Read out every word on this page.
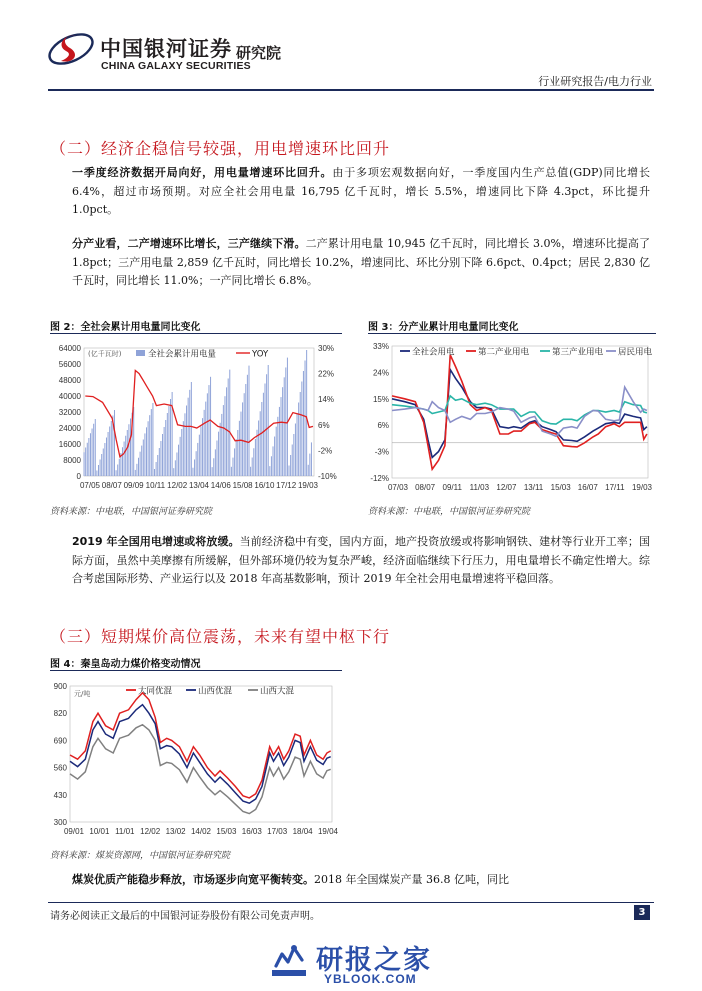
中国银河证券
CHINA GALAXY SECURITIES
研究院
行业研究报告/电力行业
（二）经济企稳信号较强，用电增速环比回升
一季度经济数据开局向好，用电量增速环比回升。由于多项宏观数据向好，一季度国内生产总值(GDP)同比增长 6.4%，超过市场预期。对应全社会用电量 16,795 亿千瓦时，增长 5.5%，增速同比下降 4.3pct，环比提升 1.0pct。
分产业看，二产增速环比增长，三产继续下滑。二产累计用电量 10,945 亿千瓦时，同比增长 3.0%，增速环比提高了 1.8pct；三产用电量 2,859 亿千瓦时，同比增长 10.2%，增速同比、环比分别下降 6.6pct、0.4pct；居民 2,830 亿千瓦时，同比增长 11.0%；一产同比增长 6.8%。
图 2：全社会累计用电量同比变化
64000
56000
48000
40000
32000
24000
16000
8000
0
30%
22%
14%
6%
-2%
-10%
07/05 08/07 09/09 10/11 12/02 13/04 14/06 15/08 16/10 17/12 19/03
(亿千瓦时)	全社会累计用电量	YOY
资料来源：中电联，中国银河证券研究院
图 3：分产业累计用电量同比变化
33%
24%
15%
6%
-3%
-12%
07/03 08/07 09/11 11/03 12/07 13/11 15/03 16/07 17/11 19/03
全社会用电	第二产业用电	第三产业用电 居民用电
资料来源：中电联，中国银河证券研究院
2019 年全国用电增速或将放缓。当前经济稳中有变，国内方面，地产投资放缓或将影响钢铁、建材等行业开工率；国际方面，虽然中美摩擦有所缓解，但外部环境仍较为复杂严峻，经济面临继续下行压力，用电量增长不确定性增大。综合考虑国际形势、产业运行以及 2018 年高基数影响，预计 2019 年全社会用电量增速将平稳回落。
（三）短期煤价高位震荡，未来有望中枢下行
图 4：秦皇岛动力煤价格变动情况
900
820
690
560
430
300
09/01 10/01 11/01 12/02 13/02 14/02 15/03 16/03 17/03 18/04 19/04
元/吨	大同优混	山西优混	山西大混
资料来源：煤炭资源网，中国银河证券研究院
煤炭优质产能稳步释放，市场逐步向宽平衡转变。2018 年全国煤炭产量 36.8 亿吨，同比
请务必阅读正文最后的中国银河证券股份有限公司免责声明。	3
研报之家
YBLOOK.COM
